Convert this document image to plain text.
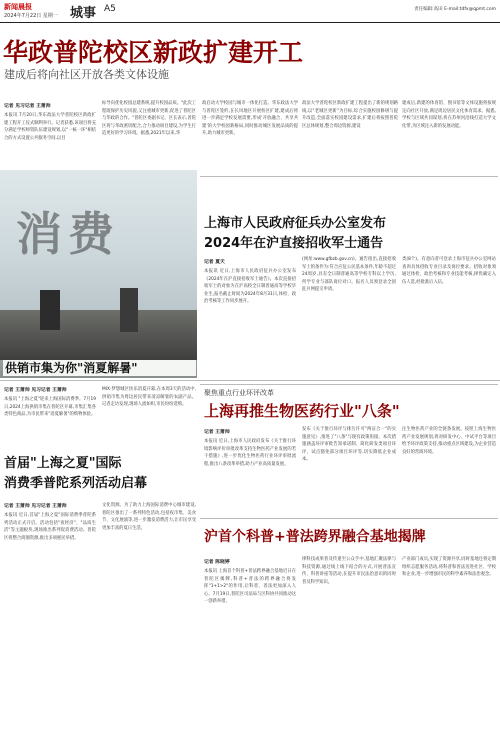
新闻晨报
2024年7月22日 星期一 城事 A5	责任编辑:高田 E-mail:tdfx@qpmt.com
华政普陀校区新政扩建开工
建成后将向社区开放各类文体设施
记者 见习记者 王萧帅
本报讯 7月20日,华东政法大学普陀校区新政扩建工程开工仪式顺利举行。记者获悉,该项目将充分满足学校师资队伍建设规划,以"一核一环"相结合的方式设置公共服务空间,以目
标导向优化校园总建系统,提升校园品质。"此次工程既保护历史风貌,又注重城市更新,促进了普陀区与华政的合作。"普陀区委副书记、区长表示,普陀区将与华政密切配合,合力推动项目建设,为学生打造更好的学习环境。据悉,2021年以来,华
政启动大学校园与城市一体化打造。华东政法大学与普陀区签约,在长风地区开展校区扩建,建成后将进一步满足学校发展需要,形成'开放融合、共享共建'的大学校园新格局,同时推动城区发展品质的提升,助力城市更新。
政法大学普陀校区新政扩建工程提出了新的规划路线,以“老城区更新”为目标,综合实施校园修缮与提升改造,全面落实校园建设需求,扩建后将按照普陀区总体规划,整合周边资源,建设
建成后,新建的体育馆、图书馆等文体设施将按规定向社区开放,满足周边居民文化体育需求。据悉,学校与区域共同谋划,将在苏州河沿线打造大学文化带,为区域注入新的发展动能。
消费
供销市集为你"消夏解暑"
上海市人民政府征兵办公室发布
2024年在沪直接招收军士通告
记者 夏天
本报讯 近日,上海市人民政府征兵办公室发布《2024年在沪直接招收军士通告》。本次直接招收军士的对象为在沪高校全日制普通高等学校毕业生,报名截止时间为2024年8月31日,体检、政治考核等工作同步展开。
(网址:www.gfbzb.gov.cn)。通告指出,直接招收军士的条件为:符合应征公民基本条件,年龄不超过24周岁,具有全日制普通高等学校专科以上学历,所学专业与部队岗位对口。报名人员须登录全国征兵网提交申请。
类(8个)。有意向者可登录上海市征兵办公室网站查询具体招收专业目录及岗位要求。招收对象须通过体检、政治考核和专业技能考核,择优确定入伍人选,经批准后入伍。
记者 王萧帅 见习记者 王萧帅
本报讯 "上海之夏"迎来上海国际消费季。7月19日,2024上海供销市集在普陀区开幕,市集汇集各类特色商品,为市民带来"消夏解暑"的购物体验。
MIX·梦想城区快乐消夏开幕,在本周3天的活动中,供销市集为周边居民带来清凉解暑的农副产品。记者走访发现,现场人流如织,市民纷纷选购。
首届"上海之夏"国际
消费季普陀系列活动启幕
记者 王萧帅 见习记者 王萧帅
本报讯 近日,首届"上海之夏"国际消费季普陀系列活动正式开启。活动包括"夜经济"、"品质生活"等主题板块,现场推出系列促消费活动。普陀区将整合商圈资源,推出多项惠民举措。
文化资源。为了助力上海国际消费中心城市建设,普陀区推出了一系列特色活动,包括夜市集、美食节、文化展演等,进一步激发消费活力,让市民享受更加丰富的夏日生活。
聚焦重点行业环评改革
上海再推生物医药行业"八条"
记者 王萧帅
本报讯 近日,上海市人民政府发布《关于推行环境影响评价审批改革支持生物医药产业发展的若干措施》,进一步优化生物医药行业环评审批流程,推出八条改革举措,助力产业高质量发展。
发布《关于推行环评与排污许可"两证合一"的实施意见》,推进了"八条"与现有政策衔接。本次措施涵盖环评审批告知承诺制、简化研发类项目环评、试点豁免部分项目环评等,切实降低企业成本。
注生物医药产业的全链条发展。按照上海生物医药产业发展规划,将对研发中心、中试平台等项目给予环评政策支持,推动重点区域建设,为企业营造良好的营商环境。
沪首个科普+普法跨界融合基地揭牌
记者 陈晓婷
本报讯 上海首个科普+普法跨界融合基地近日在普陀区揭牌,科普+普法的跨界融合将发挥"1+1>2"的作用,让科普、普法更加深入人心。7月19日,普陀区司法局与区科协共同推动这一创新举措。
律科技成果普及传递至公众手中,基地汇聚法律与科技资源,通过线上线下结合的方式,开展普法宣传、科普讲座等活动,在提升市民法治意识的同时普及科学知识。
产业部门成员,实现了资源共享,同时基地还将定期组织志愿服务活动,将科普和普法送进社区、学校和企业,进一步增强市民的科学素养和法治观念。
